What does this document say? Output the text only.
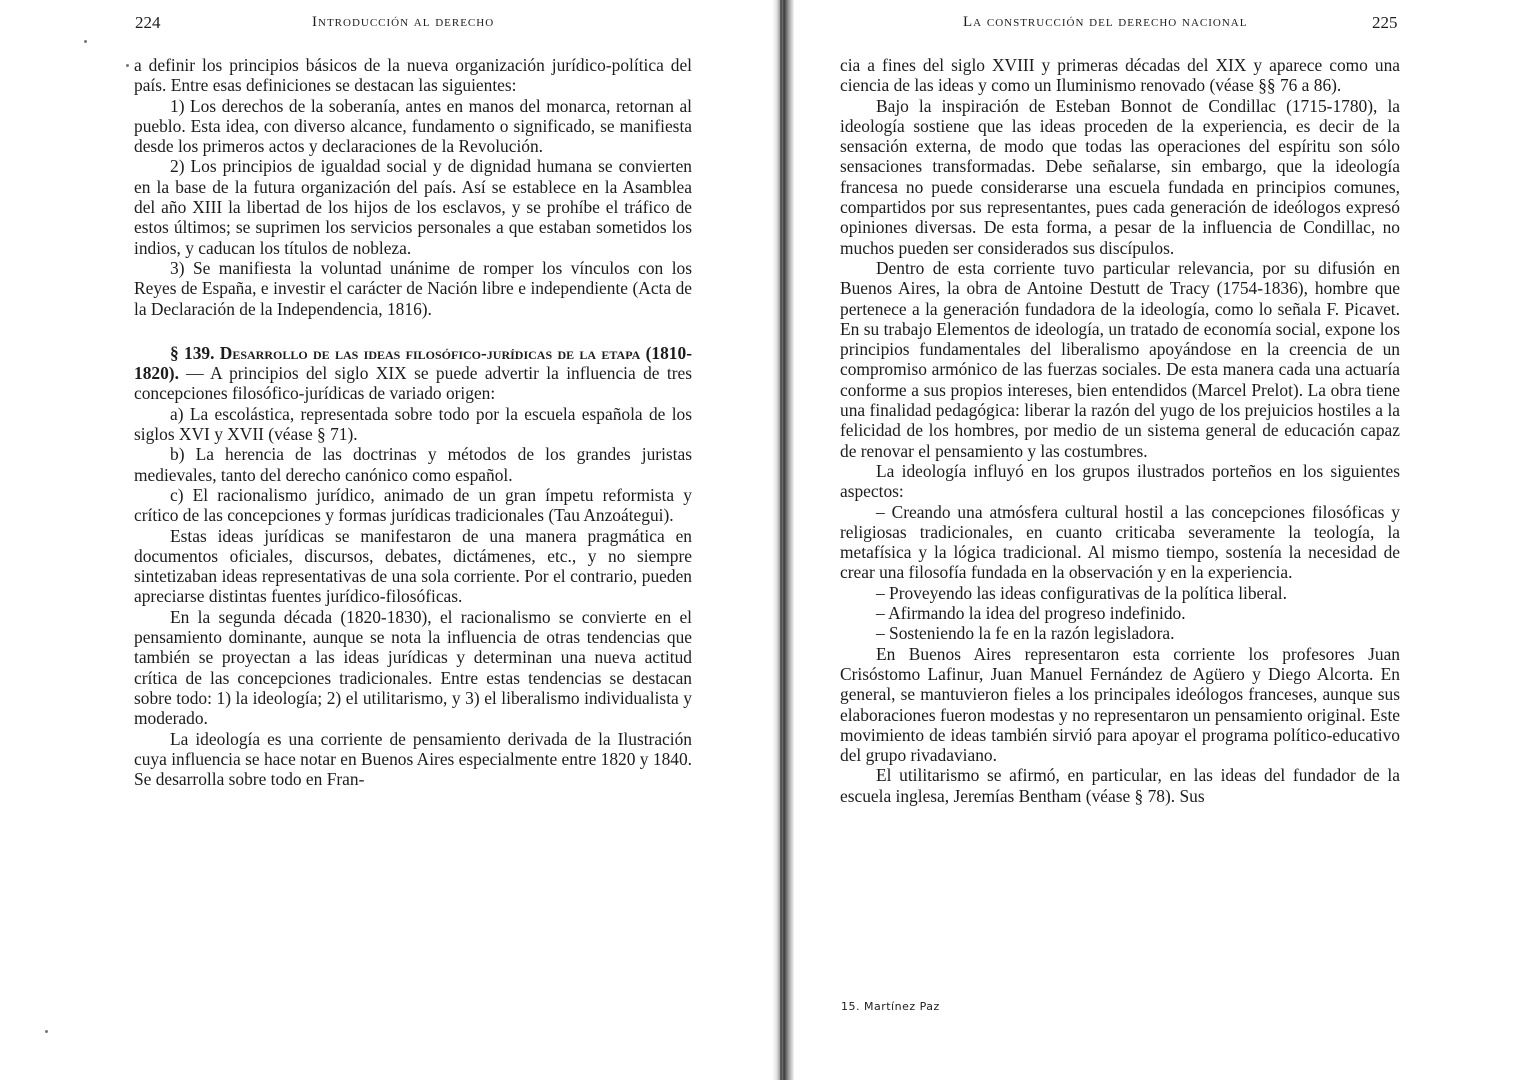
224	Introducción al derecho

a definir los principios básicos de la nueva organización jurídico-política del país. Entre esas definiciones se destacan las siguientes:

1) Los derechos de la soberanía, antes en manos del monarca, retornan al pueblo. Esta idea, con diverso alcance, fundamento o significado, se manifiesta desde los primeros actos y declaraciones de la Revolución.

2) Los principios de igualdad social y de dignidad humana se convierten en la base de la futura organización del país. Así se establece en la Asamblea del año XIII la libertad de los hijos de los esclavos, y se prohíbe el tráfico de estos últimos; se suprimen los servicios personales a que estaban sometidos los indios, y caducan los títulos de nobleza.

3) Se manifiesta la voluntad unánime de romper los vínculos con los Reyes de España, e investir el carácter de Nación libre e independiente (Acta de la Declaración de la Independencia, 1816).

§ 139. Desarrollo de las ideas filosófico-jurídicas de la etapa (1810-1820). — A principios del siglo XIX se puede advertir la influencia de tres concepciones filosófico-jurídicas de variado origen:

a) La escolástica, representada sobre todo por la escuela española de los siglos XVI y XVII (véase § 71).

b) La herencia de las doctrinas y métodos de los grandes juristas medievales, tanto del derecho canónico como español.

c) El racionalismo jurídico, animado de un gran ímpetu reformista y crítico de las concepciones y formas jurídicas tradicionales (Tau Anzoátegui).

Estas ideas jurídicas se manifestaron de una manera pragmática en documentos oficiales, discursos, debates, dictámenes, etc., y no siempre sintetizaban ideas representativas de una sola corriente. Por el contrario, pueden apreciarse distintas fuentes jurídico-filosóficas.

En la segunda década (1820-1830), el racionalismo se convierte en el pensamiento dominante, aunque se nota la influencia de otras tendencias que también se proyectan a las ideas jurídicas y determinan una nueva actitud crítica de las concepciones tradicionales. Entre estas tendencias se destacan sobre todo: 1) la ideología; 2) el utilitarismo, y 3) el liberalismo individualista y moderado.

La ideología es una corriente de pensamiento derivada de la Ilustración cuya influencia se hace notar en Buenos Aires especialmente entre 1820 y 1840. Se desarrolla sobre todo en Fran-

La construcción del derecho nacional	225

cia a fines del siglo XVIII y primeras décadas del XIX y aparece como una ciencia de las ideas y como un Iluminismo renovado (véase §§ 76 a 86).

Bajo la inspiración de Esteban Bonnot de Condillac (1715-1780), la ideología sostiene que las ideas proceden de la experiencia, es decir de la sensación externa, de modo que todas las operaciones del espíritu son sólo sensaciones transformadas. Debe señalarse, sin embargo, que la ideología francesa no puede considerarse una escuela fundada en principios comunes, compartidos por sus representantes, pues cada generación de ideólogos expresó opiniones diversas. De esta forma, a pesar de la influencia de Condillac, no muchos pueden ser considerados sus discípulos.

Dentro de esta corriente tuvo particular relevancia, por su difusión en Buenos Aires, la obra de Antoine Destutt de Tracy (1754-1836), hombre que pertenece a la generación fundadora de la ideología, como lo señala F. Picavet. En su trabajo Elementos de ideología, un tratado de economía social, expone los principios fundamentales del liberalismo apoyándose en la creencia de un compromiso armónico de las fuerzas sociales. De esta manera cada una actuaría conforme a sus propios intereses, bien entendidos (Marcel Prelot). La obra tiene una finalidad pedagógica: liberar la razón del yugo de los prejuicios hostiles a la felicidad de los hombres, por medio de un sistema general de educación capaz de renovar el pensamiento y las costumbres.

La ideología influyó en los grupos ilustrados porteños en los siguientes aspectos:

– Creando una atmósfera cultural hostil a las concepciones filosóficas y religiosas tradicionales, en cuanto criticaba severamente la teología, la metafísica y la lógica tradicional. Al mismo tiempo, sostenía la necesidad de crear una filosofía fundada en la observación y en la experiencia.

– Proveyendo las ideas configurativas de la política liberal.

– Afirmando la idea del progreso indefinido.

– Sosteniendo la fe en la razón legisladora.

En Buenos Aires representaron esta corriente los profesores Juan Crisóstomo Lafinur, Juan Manuel Fernández de Agüero y Diego Alcorta. En general, se mantuvieron fieles a los principales ideólogos franceses, aunque sus elaboraciones fueron modestas y no representaron un pensamiento original. Este movimiento de ideas también sirvió para apoyar el programa político-educativo del grupo rivadaviano.

El utilitarismo se afirmó, en particular, en las ideas del fundador de la escuela inglesa, Jeremías Bentham (véase § 78). Sus

15. Martínez Paz
